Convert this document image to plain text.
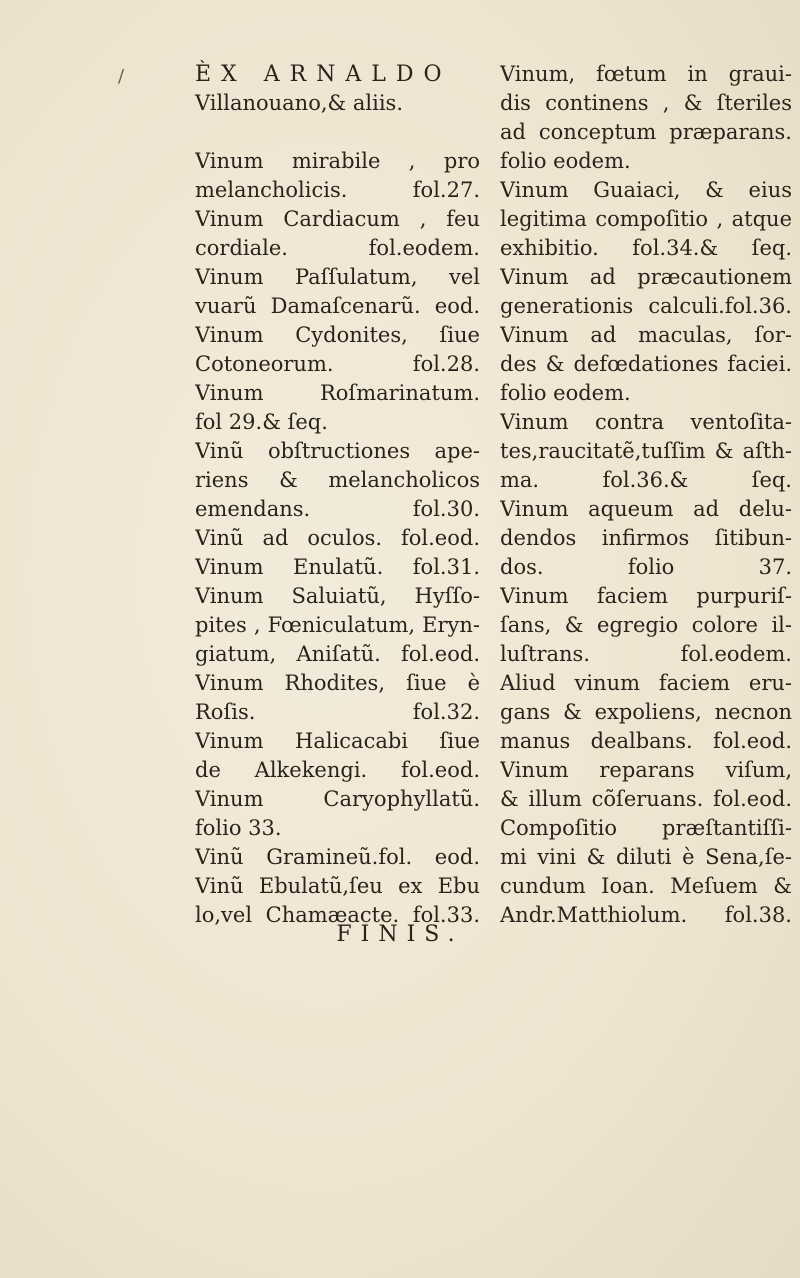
/	ÈX ARNALDO
Villanouano,& aliis.
Vinum mirabile , pro
melancholicis. fol.27.
Vinum Cardiacum , feu
cordiale. fol.eodem.
Vinum Paſſulatum, vel
vuarũ Damaſcenarũ. eod.
Vinum Cydonites, ſiue
Cotoneorum. fol.28.
Vinum Roſmarinatum.
fol 29.& ſeq.
Vinũ obſtructiones ape-
riens & melancholicos
emendans. fol.30.
Vinũ ad oculos. fol.eod.
Vinum Enulatũ. fol.31.
Vinum Saluiatũ, Hyſſo-
pites , Fœniculatum, Eryn-
giatum, Aniſatũ. fol.eod.
Vinum Rhodites, ſiue è
Roſis. fol.32.
Vinum Halicacabi ſiue
de Alkekengi. fol.eod.
Vinum Caryophyllatũ.
folio 33.
Vinũ Gramineũ.fol. eod.
Vinũ Ebulatũ,ſeu ex Ebu
lo,vel Chamæacte. fol.33.
Vinum, fœtum in graui-
dis continens , & ſteriles
ad conceptum præparans.
folio eodem.
Vinum Guaiaci, & eius
legitima compoſitio , atque
exhibitio. fol.34.& ſeq.
Vinum ad præcautionem
generationis calculi.fol.36.
Vinum ad maculas, ſor-
des & defœdationes faciei.
folio eodem.
Vinum contra ventoſita-
tes,raucitatẽ,tuſſim & aſth-
ma. fol.36.& ſeq.
Vinum aqueum ad delu-
dendos infirmos ſitibun-
dos. folio 37.
Vinum faciem purpuriſ-
ſans, & egregio colore il-
luſtrans. fol.eodem.
Aliud vinum faciem eru-
gans & expoliens, necnon
manus dealbans. fol.eod.
Vinum reparans viſum,
& illum cõſeruans. fol.eod.
Compoſitio præſtantiſſi-
mi vini & diluti è Sena,ſe-
cundum Ioan. Meſuem &
Andr.Matthiolum. fol.38.
FINIS.
